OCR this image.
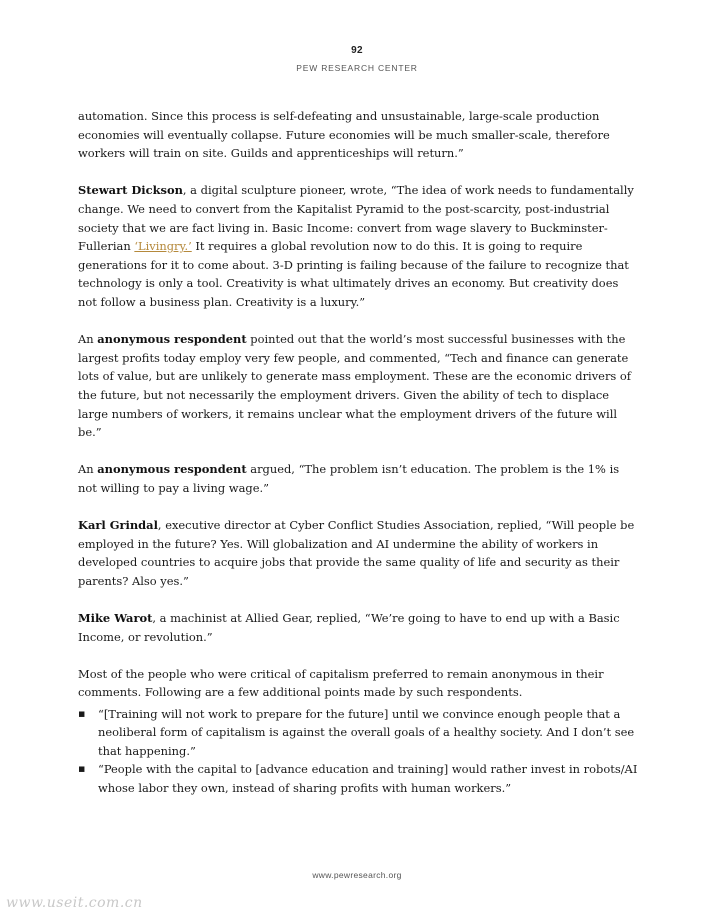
92
PEW RESEARCH CENTER

automation. Since this process is self-defeating and unsustainable, large-scale production economies will eventually collapse. Future economies will be much smaller-scale, therefore workers will train on site. Guilds and apprenticeships will return.”

Stewart Dickson, a digital sculpture pioneer, wrote, “The idea of work needs to fundamentally change. We need to convert from the Kapitalist Pyramid to the post-scarcity, post-industrial society that we are fact living in. Basic Income: convert from wage slavery to Buckminster-Fullerian ‘Livingry.’ It requires a global revolution now to do this. It is going to require generations for it to come about. 3-D printing is failing because of the failure to recognize that technology is only a tool. Creativity is what ultimately drives an economy. But creativity does not follow a business plan. Creativity is a luxury.”

An anonymous respondent pointed out that the world’s most successful businesses with the largest profits today employ very few people, and commented, “Tech and finance can generate lots of value, but are unlikely to generate mass employment. These are the economic drivers of the future, but not necessarily the employment drivers. Given the ability of tech to displace large numbers of workers, it remains unclear what the employment drivers of the future will be.”

An anonymous respondent argued, “The problem isn’t education. The problem is the 1% is not willing to pay a living wage.”

Karl Grindal, executive director at Cyber Conflict Studies Association, replied, “Will people be employed in the future? Yes. Will globalization and AI undermine the ability of workers in developed countries to acquire jobs that provide the same quality of life and security as their parents? Also yes.”

Mike Warot, a machinist at Allied Gear, replied, “We’re going to have to end up with a Basic Income, or revolution.”

Most of the people who were critical of capitalism preferred to remain anonymous in their comments. Following are a few additional points made by such respondents.

▪ “[Training will not work to prepare for the future] until we convince enough people that a neoliberal form of capitalism is against the overall goals of a healthy society. And I don’t see that happening.”
▪ “People with the capital to [advance education and training] would rather invest in robots/AI whose labor they own, instead of sharing profits with human workers.”
www.pewresearch.org
www.useit.com.cn
